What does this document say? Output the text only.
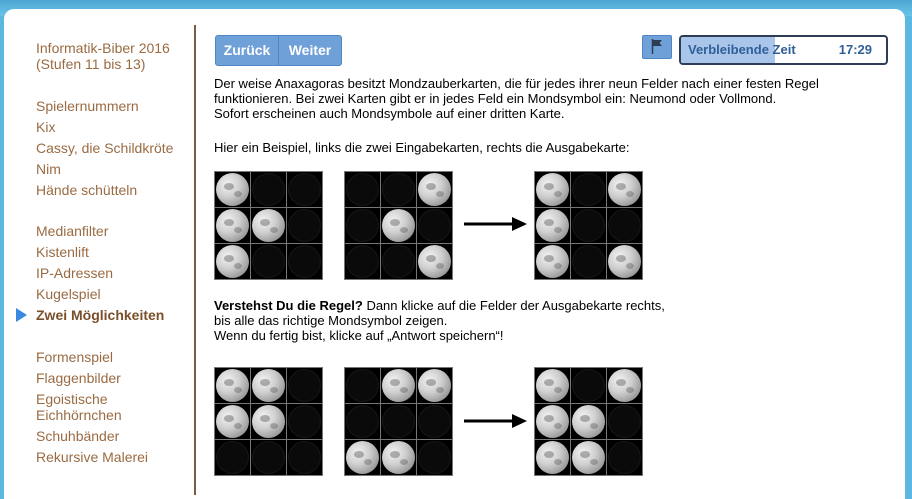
Informatik-Biber 2016 (Stufen 11 bis 13)
Spielernummern
Kix
Cassy, die Schildkröte
Nim
Hände schütteln
Medianfilter
Kistenlift
IP-Adressen
Kugelspiel
Zwei Möglichkeiten
Formenspiel
Flaggenbilder
Egoistische Eichhörnchen
Schuhbänder
Rekursive Malerei
Zurück	Weiter	Verbleibende Zeit	17:29
Der weise Anaxagoras besitzt Mondzauberkarten, die für jedes ihrer neun Felder nach einer festen Regel
funktionieren. Bei zwei Karten gibt er in jedes Feld ein Mondsymbol ein: Neumond oder Vollmond.
Sofort erscheinen auch Mondsymbole auf einer dritten Karte.
Hier ein Beispiel, links die zwei Eingabekarten, rechts die Ausgabekarte:
Verstehst Du die Regel? Dann klicke auf die Felder der Ausgabekarte rechts,
bis alle das richtige Mondsymbol zeigen.
Wenn du fertig bist, klicke auf „Antwort speichern“!
